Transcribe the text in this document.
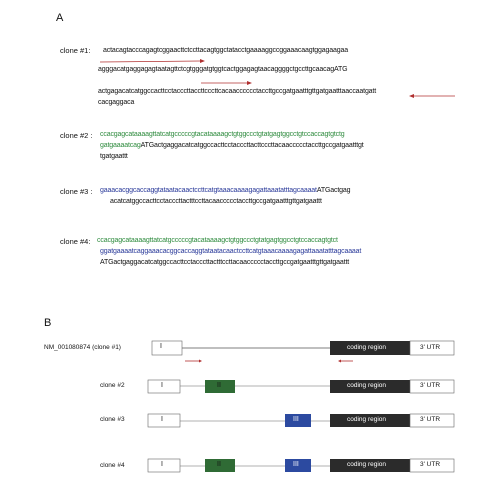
A
clone #1: actacagtacccagagtcggaacttctccttacagtggctatacctgaaaaggccggaaacaagtggagaagaa
agggacatgaggagagtaatagttctcgtgggatgtggtcactggagagtaacaggggctgccttgcaacagATG
actgagacatcatggccacttcctacccttaccttcccttcacaacccccctaccttgccgatgaatttgttgatgaatttaaccaatgatt
cacgaggaca
clone #2 : ccacgagcataaaagttatcatgcccccgtacataaaagctgtggccctgtatgagtggcctgtccaccagtgtctg
gatgaaaatcagATGactgaggacatcatggccacttcctacccttacttcccttacaaccccctaccttgccgatgaatttgt
tgatgaattt
clone #3 : gaaacacggcaccaggtataatacaactccttcatgtaaacaaaagagattaaatatttagcaaaatATGactgag
acatcatggccacttcctacccttactttccttacaaccccctaccttgccgatgaatttgttgatgaattt
clone #4: ccacgagcataaaagttatcatgcccccgtacataaaagctgtggccctgtatgagtggcctgtccaccagtgtct
ggatgaaaatcaggaaacacggcaccaggtataatacaactccttcatgtaaacaaaagagattaaatatttagcaaaat
ATGactgaggacatcatggccacttcctacccttactttccttacaaccccctaccttgccgatgaatttgttgatgaattt
B
NM_001080874 (clone #1)
clone #2
clone #3
clone #4
I	coding region	3' UTR
I	II	coding region	3' UTR
I	III	coding region	3' UTR
I	II	III	coding region	3' UTR
